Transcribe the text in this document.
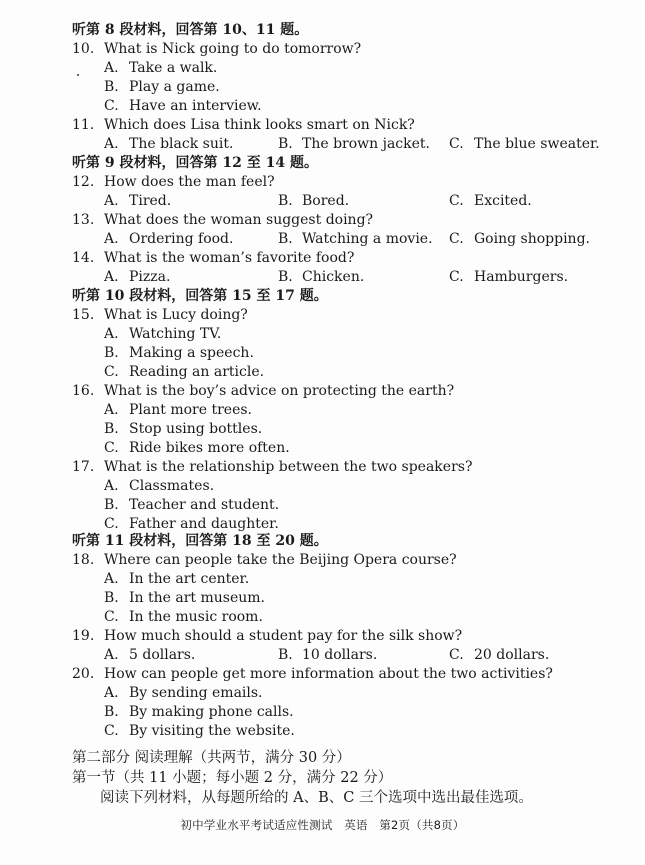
听第 8 段材料，回答第 10、11 题。
10. What is Nick going to do tomorrow?
A. Take a walk.
B. Play a game.
C. Have an interview.
11. Which does Lisa think looks smart on Nick?
A. The black suit.	B. The brown jacket. C. The blue sweater.
听第 9 段材料，回答第 12 至 14 题。
12. How does the man feel?
A. Tired.	B. Bored.	C. Excited.
13. What does the woman suggest doing?
A. Ordering food.	B. Watching a movie. C. Going shopping.
14. What is the woman’s favorite food?
A. Pizza.	B. Chicken.	C. Hamburgers.
听第 10 段材料，回答第 15 至 17 题。
15. What is Lucy doing?
A. Watching TV.
B. Making a speech.
C. Reading an article.
16. What is the boy’s advice on protecting the earth?
A. Plant more trees.
B. Stop using bottles.
C. Ride bikes more often.
17. What is the relationship between the two speakers?
A. Classmates.
B. Teacher and student.
C. Father and daughter.
听第 11 段材料，回答第 18 至 20 题。
18. Where can people take the Beijing Opera course?
A. In the art center.
B. In the art museum.
C. In the music room.
19. How much should a student pay for the silk show?
A. 5 dollars.	B. 10 dollars.	C. 20 dollars.
20. How can people get more information about the two activities?
A. By sending emails.
B. By making phone calls.
C. By visiting the website.
第二部分 阅读理解（共两节，满分 30 分）
第一节（共 11 小题；每小题 2 分，满分 22 分）
阅读下列材料，从每题所给的 A、B、C 三个选项中选出最佳选项。
初中学业水平考试适应性测试　英语　第2页（共8页）
